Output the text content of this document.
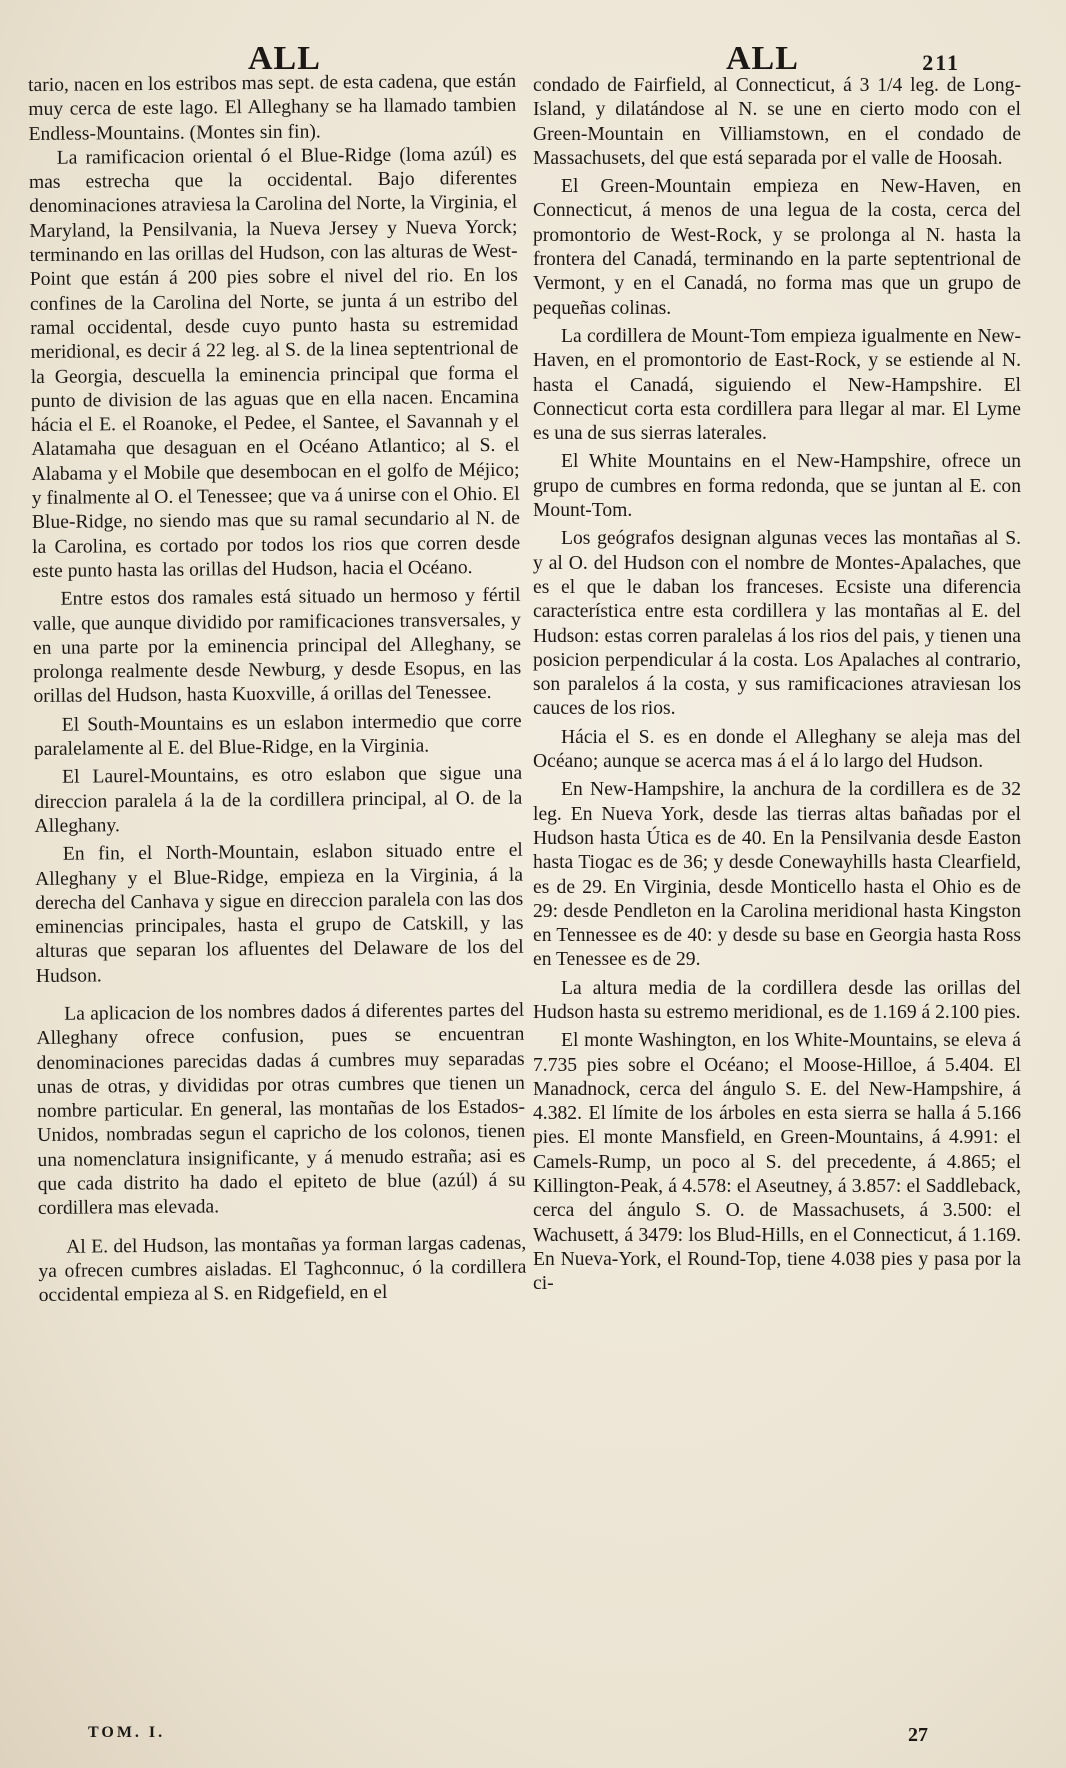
ALL	ALL	211

tario, nacen en los estribos mas sept. de esta cadena, que están muy cerca de este lago. El Alleghany se ha llamado tambien Endless-Mountains. (Montes sin fin).

La ramificacion oriental ó el Blue-Ridge (loma azúl) es mas estrecha que la occidental. Bajo diferentes denominaciones atraviesa la Carolina del Norte, la Virginia, el Maryland, la Pensilvania, la Nueva Jersey y Nueva Yorck; terminando en las orillas del Hudson, con las alturas de West-Point que están á 200 pies sobre el nivel del rio. En los confines de la Carolina del Norte, se junta á un estribo del ramal occidental, desde cuyo punto hasta su estremidad meridional, es decir á 22 leg. al S. de la linea septentrional de la Georgia, descuella la eminencia principal que forma el punto de division de las aguas que en ella nacen. Encamina hácia el E. el Roanoke, el Pedee, el Santee, el Savannah y el Alatamaha que desaguan en el Océano Atlantico; al S. el Alabama y el Mobile que desembocan en el golfo de Méjico; y finalmente al O. el Tenessee; que va á unirse con el Ohio. El Blue-Ridge, no siendo mas que su ramal secundario al N. de la Carolina, es cortado por todos los rios que corren desde este punto hasta las orillas del Hudson, hacia el Océano.

Entre estos dos ramales está situado un hermoso y fértil valle, que aunque dividido por ramificaciones transversales, y en una parte por la eminencia principal del Alleghany, se prolonga realmente desde Newburg, y desde Esopus, en las orillas del Hudson, hasta Kuoxville, á orillas del Tenessee.

El South-Mountains es un eslabon intermedio que corre paralelamente al E. del Blue-Ridge, en la Virginia.

El Laurel-Mountains, es otro eslabon que sigue una direccion paralela á la de la cordillera principal, al O. de la Alleghany.

En fin, el North-Mountain, eslabon situado entre el Alleghany y el Blue-Ridge, empieza en la Virginia, á la derecha del Canhava y sigue en direccion paralela con las dos eminencias principales, hasta el grupo de Catskill, y las alturas que separan los afluentes del Delaware de los del Hudson.

La aplicacion de los nombres dados á diferentes partes del Alleghany ofrece confusion, pues se encuentran denominaciones parecidas dadas á cumbres muy separadas unas de otras, y divididas por otras cumbres que tienen un nombre particular. En general, las montañas de los Estados-Unidos, nombradas segun el capricho de los colonos, tienen una nomenclatura insignificante, y á menudo estraña; asi es que cada distrito ha dado el epiteto de blue (azúl) á su cordillera mas elevada.

Al E. del Hudson, las montañas ya forman largas cadenas, ya ofrecen cumbres aisladas. El Taghconnuc, ó la cordillera occidental empieza al S. en Ridgefield, en el

condado de Fairfield, al Connecticut, á 3 1/4 leg. de Long-Island, y dilatándose al N. se une en cierto modo con el Green-Mountain en Villiamstown, en el condado de Massachusets, del que está separada por el valle de Hoosah.

El Green-Mountain empieza en New-Haven, en Connecticut, á menos de una legua de la costa, cerca del promontorio de West-Rock, y se prolonga al N. hasta la frontera del Canadá, terminando en la parte septentrional de Vermont, y en el Canadá, no forma mas que un grupo de pequeñas colinas.

La cordillera de Mount-Tom empieza igualmente en New-Haven, en el promontorio de East-Rock, y se estiende al N. hasta el Canadá, siguiendo el New-Hampshire. El Connecticut corta esta cordillera para llegar al mar. El Lyme es una de sus sierras laterales.

El White Mountains en el New-Hampshire, ofrece un grupo de cumbres en forma redonda, que se juntan al E. con Mount-Tom.

Los geógrafos designan algunas veces las montañas al S. y al O. del Hudson con el nombre de Montes-Apalaches, que es el que le daban los franceses. Ecsiste una diferencia característica entre esta cordillera y las montañas al E. del Hudson: estas corren paralelas á los rios del pais, y tienen una posicion perpendicular á la costa. Los Apalaches al contrario, son paralelos á la costa, y sus ramificaciones atraviesan los cauces de los rios.

Hácia el S. es en donde el Alleghany se aleja mas del Océano; aunque se acerca mas á el á lo largo del Hudson.

En New-Hampshire, la anchura de la cordillera es de 32 leg. En Nueva York, desde las tierras altas bañadas por el Hudson hasta Útica es de 40. En la Pensilvania desde Easton hasta Tiogac es de 36; y desde Conewayhills hasta Clearfield, es de 29. En Virginia, desde Monticello hasta el Ohio es de 29: desde Pendleton en la Carolina meridional hasta Kingston en Tennessee es de 40: y desde su base en Georgia hasta Ross en Tenessee es de 29.

La altura media de la cordillera desde las orillas del Hudson hasta su estremo meridional, es de 1.169 á 2.100 pies.

El monte Washington, en los White-Mountains, se eleva á 7.735 pies sobre el Océano; el Moose-Hilloe, á 5.404. El Manadnock, cerca del ángulo S. E. del New-Hampshire, á 4.382. El límite de los árboles en esta sierra se halla á 5.166 pies. El monte Mansfield, en Green-Mountains, á 4.991: el Camels-Rump, un poco al S. del precedente, á 4.865; el Killington-Peak, á 4.578: el Aseutney, á 3.857: el Saddleback, cerca del ángulo S. O. de Massachusets, á 3.500: el Wachusett, á 3479: los Blud-Hills, en el Connecticut, á 1.169. En Nueva-York, el Round-Top, tiene 4.038 pies y pasa por la ci-

TOM. I.	27
